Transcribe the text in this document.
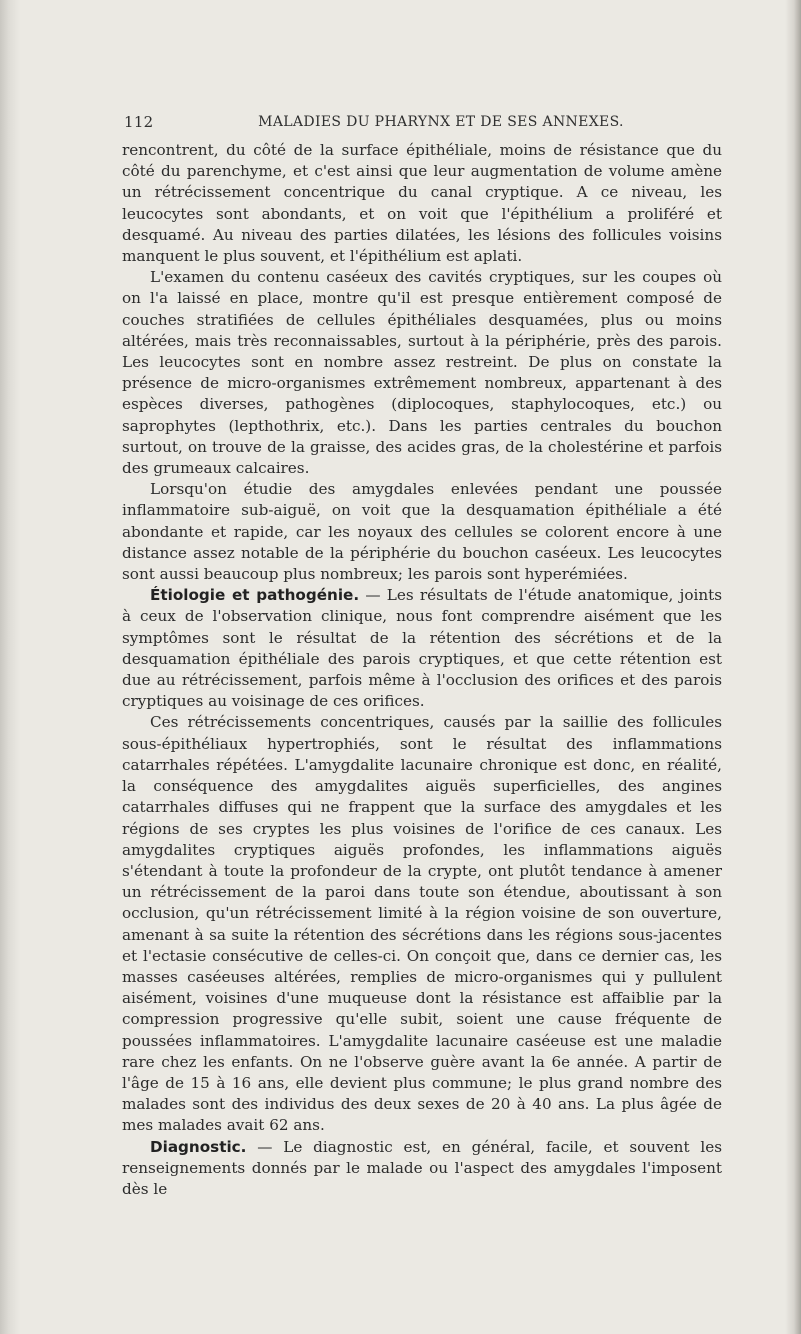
112	MALADIES DU PHARYNX ET DE SES ANNEXES.

rencontrent, du côté de la surface épithéliale, moins de résistance que du côté du parenchyme, et c'est ainsi que leur augmentation de volume amène un rétrécissement concentrique du canal cryptique. A ce niveau, les leucocytes sont abondants, et on voit que l'épithélium a proliféré et desquamé. Au niveau des parties dilatées, les lésions des follicules voisins manquent le plus souvent, et l'épithélium est aplati.

L'examen du contenu caséeux des cavités cryptiques, sur les coupes où on l'a laissé en place, montre qu'il est presque entièrement composé de couches stratifiées de cellules épithéliales desquamées, plus ou moins altérées, mais très reconnaissables, surtout à la périphérie, près des parois. Les leucocytes sont en nombre assez restreint. De plus on constate la présence de micro-organismes extrêmement nombreux, appartenant à des espèces diverses, pathogènes (diplocoques, staphylocoques, etc.) ou saprophytes (lepthothrix, etc.). Dans les parties centrales du bouchon surtout, on trouve de la graisse, des acides gras, de la cholestérine et parfois des grumeaux calcaires.

Lorsqu'on étudie des amygdales enlevées pendant une poussée inflammatoire sub-aiguë, on voit que la desquamation épithéliale a été abondante et rapide, car les noyaux des cellules se colorent encore à une distance assez notable de la périphérie du bouchon caséeux. Les leucocytes sont aussi beaucoup plus nombreux; les parois sont hyperémiées.

Étiologie et pathogénie. — Les résultats de l'étude anatomique, joints à ceux de l'observation clinique, nous font comprendre aisément que les symptômes sont le résultat de la rétention des sécrétions et de la desquamation épithéliale des parois cryptiques, et que cette rétention est due au rétrécissement, parfois même à l'occlusion des orifices et des parois cryptiques au voisinage de ces orifices.

Ces rétrécissements concentriques, causés par la saillie des follicules sous-épithéliaux hypertrophiés, sont le résultat des inflammations catarrhales répétées. L'amygdalite lacunaire chronique est donc, en réalité, la conséquence des amygdalites aiguës superficielles, des angines catarrhales diffuses qui ne frappent que la surface des amygdales et les régions de ses cryptes les plus voisines de l'orifice de ces canaux. Les amygdalites cryptiques aiguës profondes, les inflammations aiguës s'étendant à toute la profondeur de la crypte, ont plutôt tendance à amener un rétrécissement de la paroi dans toute son étendue, aboutissant à son occlusion, qu'un rétrécissement limité à la région voisine de son ouverture, amenant à sa suite la rétention des sécrétions dans les régions sous-jacentes et l'ectasie consécutive de celles-ci. On conçoit que, dans ce dernier cas, les masses caséeuses altérées, remplies de micro-organismes qui y pullulent aisément, voisines d'une muqueuse dont la résistance est affaiblie par la compression progressive qu'elle subit, soient une cause fréquente de poussées inflammatoires. L'amygdalite lacunaire caséeuse est une maladie rare chez les enfants. On ne l'observe guère avant la 6e année. A partir de l'âge de 15 à 16 ans, elle devient plus commune; le plus grand nombre des malades sont des individus des deux sexes de 20 à 40 ans. La plus âgée de mes malades avait 62 ans.

Diagnostic. — Le diagnostic est, en général, facile, et souvent les renseignements donnés par le malade ou l'aspect des amygdales l'imposent dès le
